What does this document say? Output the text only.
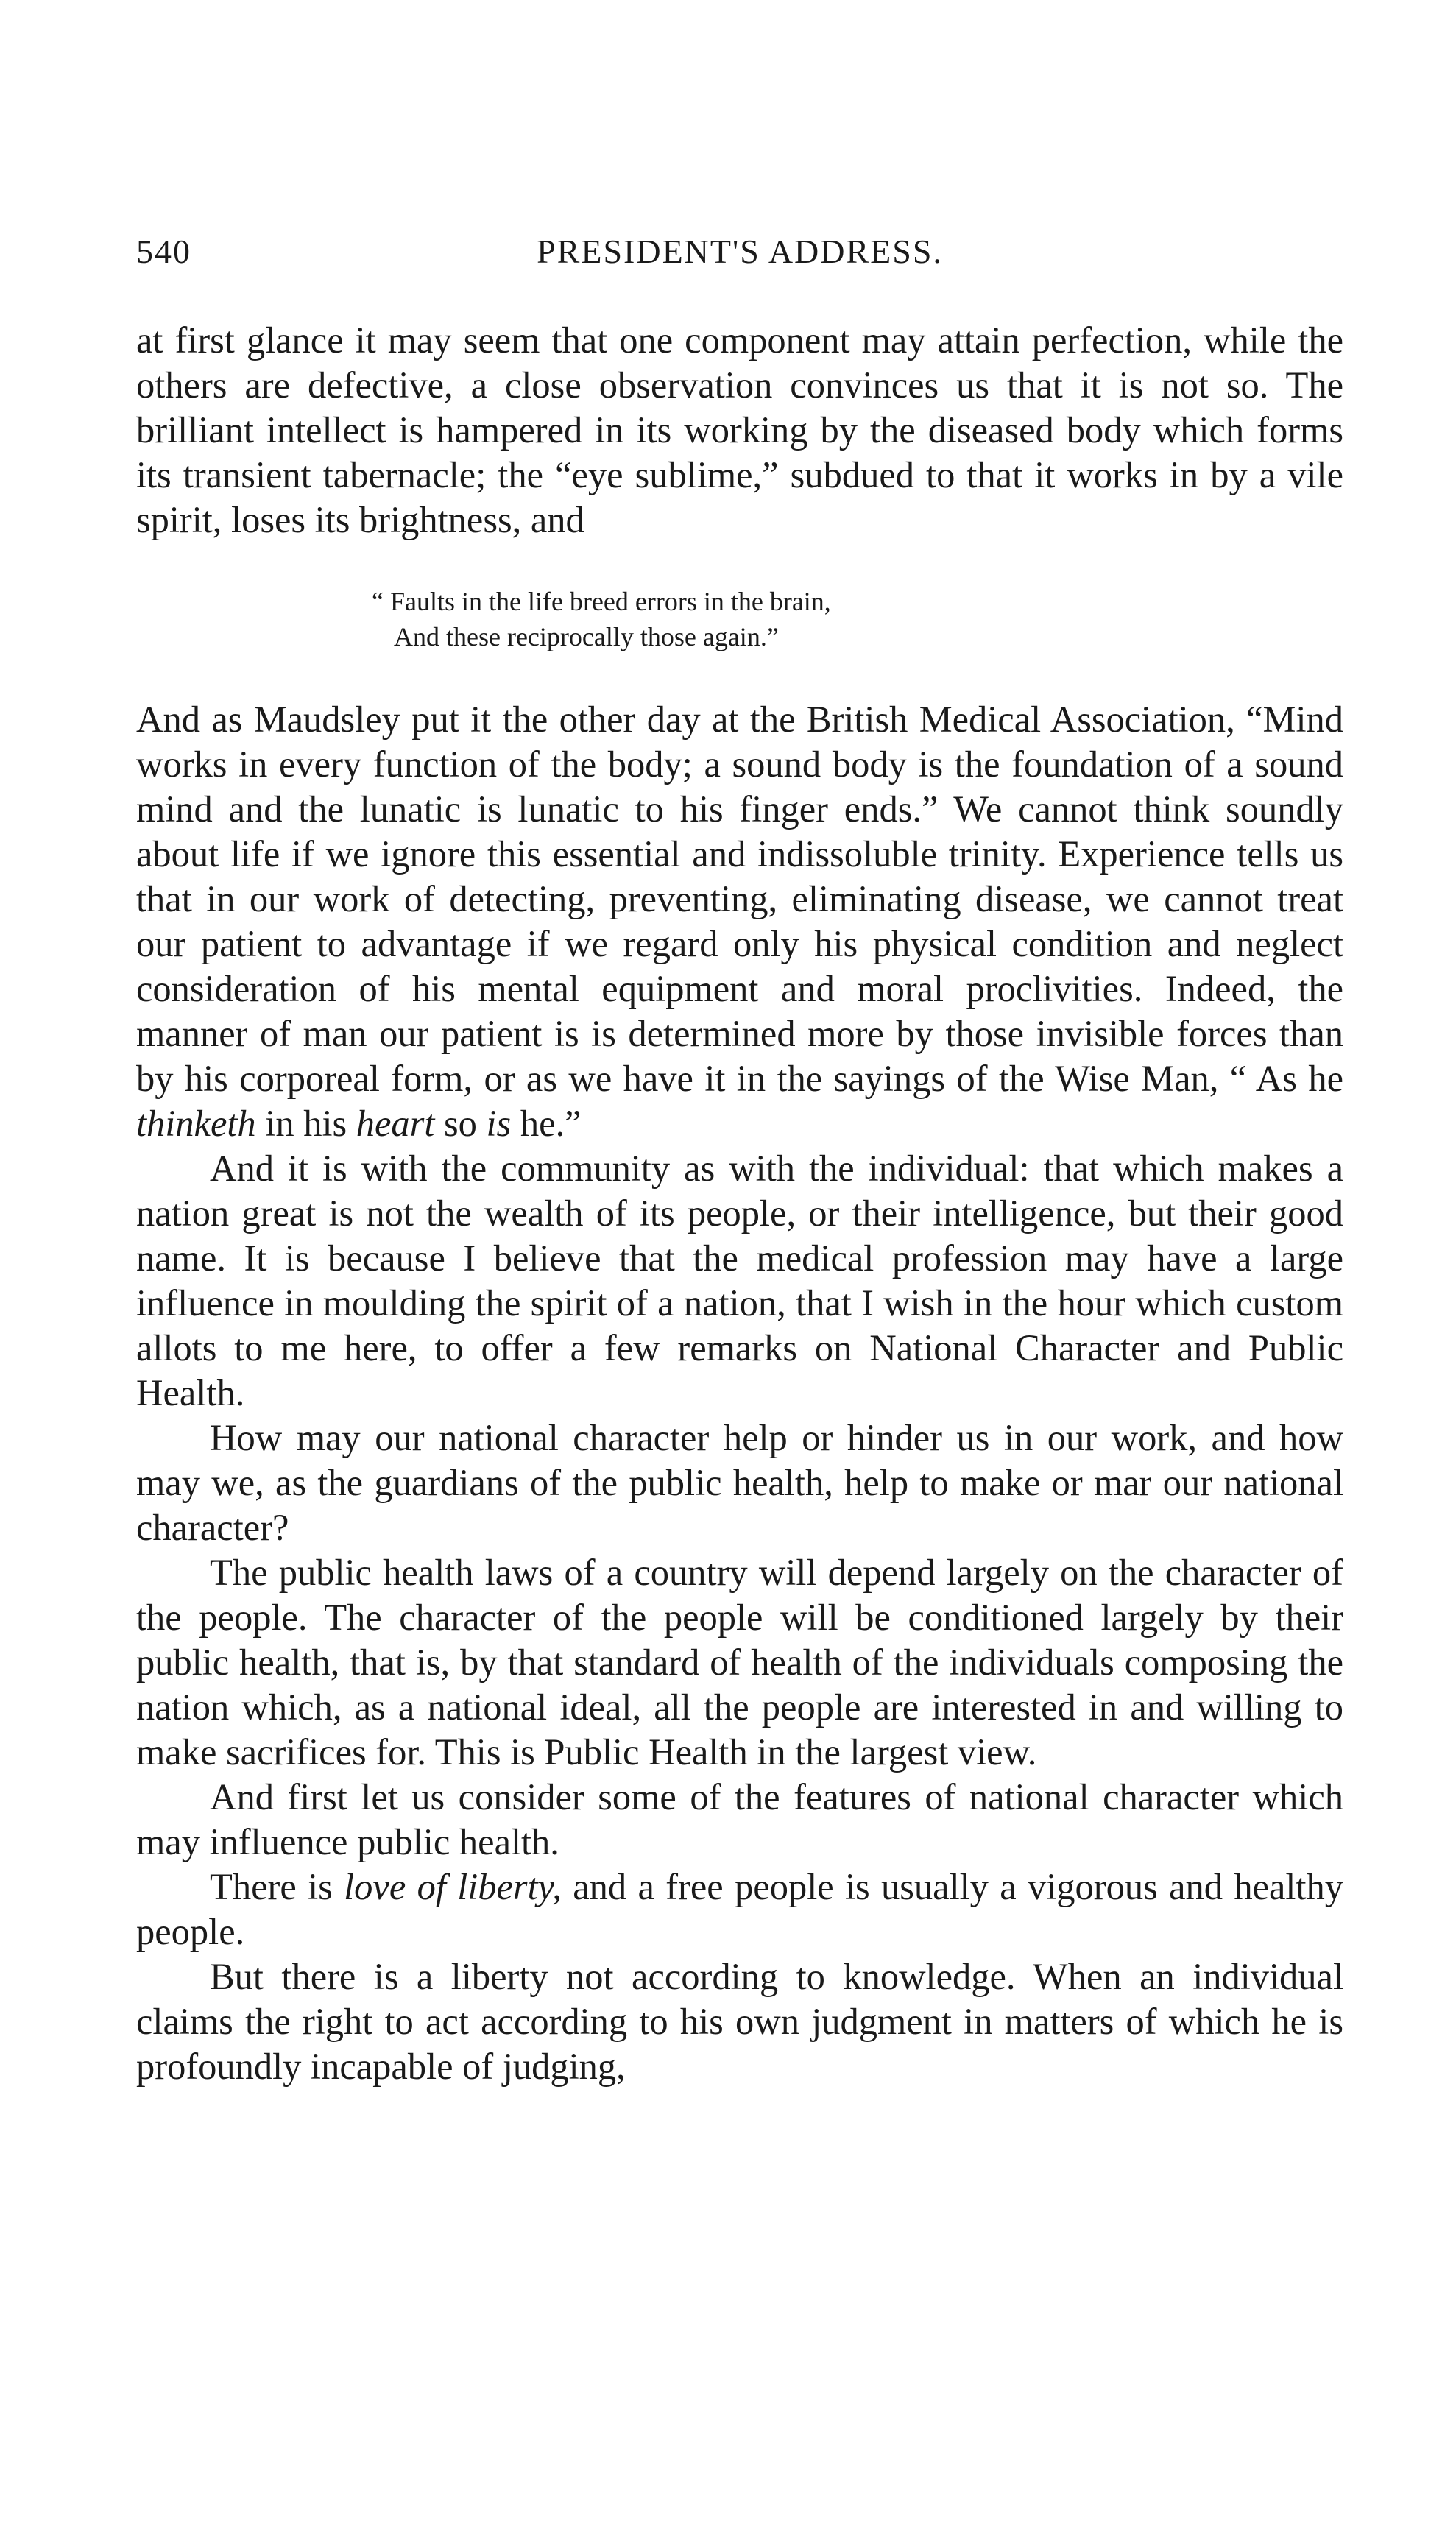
540	PRESIDENT'S ADDRESS.

at first glance it may seem that one component may attain perfection, while the others are defective, a close observation convinces us that it is not so. The brilliant intellect is hampered in its working by the diseased body which forms its transient tabernacle; the “eye sublime,” subdued to that it works in by a vile spirit, loses its brightness, and

“ Faults in the life breed errors in the brain,
And these reciprocally those again.”

And as Maudsley put it the other day at the British Medical Association, “Mind works in every function of the body; a sound body is the foundation of a sound mind and the lunatic is lunatic to his finger ends.” We cannot think soundly about life if we ignore this essential and indissoluble trinity. Experience tells us that in our work of detecting, preventing, eliminating disease, we cannot treat our patient to advantage if we regard only his physical condition and neglect consideration of his mental equipment and moral proclivities. Indeed, the manner of man our patient is is determined more by those invisible forces than by his corporeal form, or as we have it in the sayings of the Wise Man, “ As he thinketh in his heart so is he.”

And it is with the community as with the individual: that which makes a nation great is not the wealth of its people, or their intelligence, but their good name. It is because I believe that the medical profession may have a large influence in moulding the spirit of a nation, that I wish in the hour which custom allots to me here, to offer a few remarks on National Character and Public Health.

How may our national character help or hinder us in our work, and how may we, as the guardians of the public health, help to make or mar our national character?

The public health laws of a country will depend largely on the character of the people. The character of the people will be conditioned largely by their public health, that is, by that standard of health of the individuals composing the nation which, as a national ideal, all the people are interested in and willing to make sacrifices for. This is Public Health in the largest view.

And first let us consider some of the features of national character which may influence public health.

There is love of liberty, and a free people is usually a vigorous and healthy people.

But there is a liberty not according to knowledge. When an individual claims the right to act according to his own judgment in matters of which he is profoundly incapable of judging,
